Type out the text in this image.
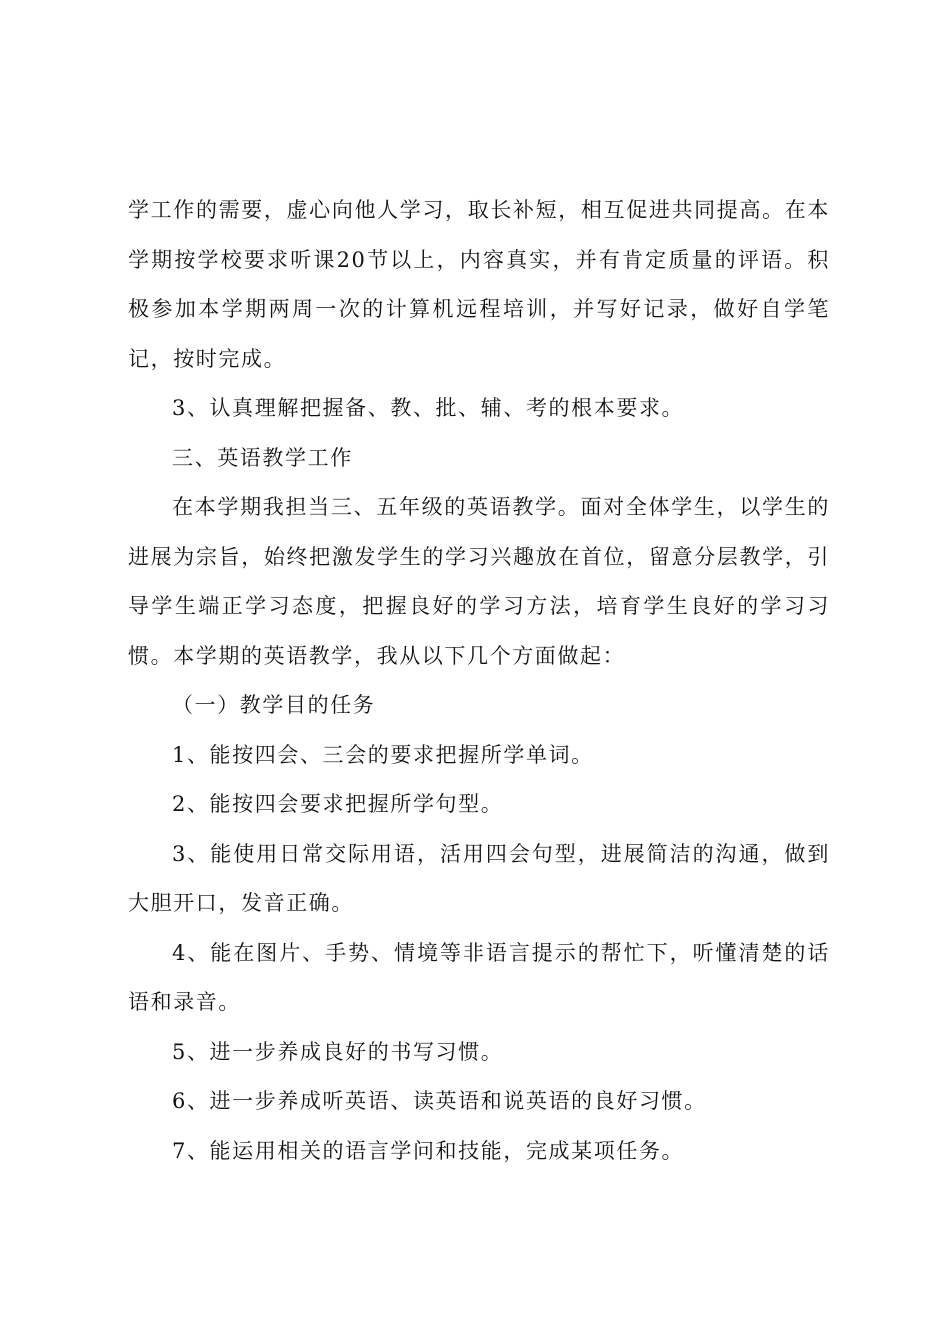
学工作的需要，虚心向他人学习，取长补短，相互促进共同提高。在本学期按学校要求听课20节以上，内容真实，并有肯定质量的评语。积极参加本学期两周一次的计算机远程培训，并写好记录，做好自学笔记，按时完成。

3、认真理解把握备、教、批、辅、考的根本要求。

三、英语教学工作

在本学期我担当三、五年级的英语教学。面对全体学生，以学生的进展为宗旨，始终把激发学生的学习兴趣放在首位，留意分层教学，引导学生端正学习态度，把握良好的学习方法，培育学生良好的学习习惯。本学期的英语教学，我从以下几个方面做起：

（一）教学目的任务

1、能按四会、三会的要求把握所学单词。

2、能按四会要求把握所学句型。

3、能使用日常交际用语，活用四会句型，进展简洁的沟通，做到大胆开口，发音正确。

4、能在图片、手势、情境等非语言提示的帮忙下，听懂清楚的话语和录音。

5、进一步养成良好的书写习惯。

6、进一步养成听英语、读英语和说英语的良好习惯。

7、能运用相关的语言学问和技能，完成某项任务。
